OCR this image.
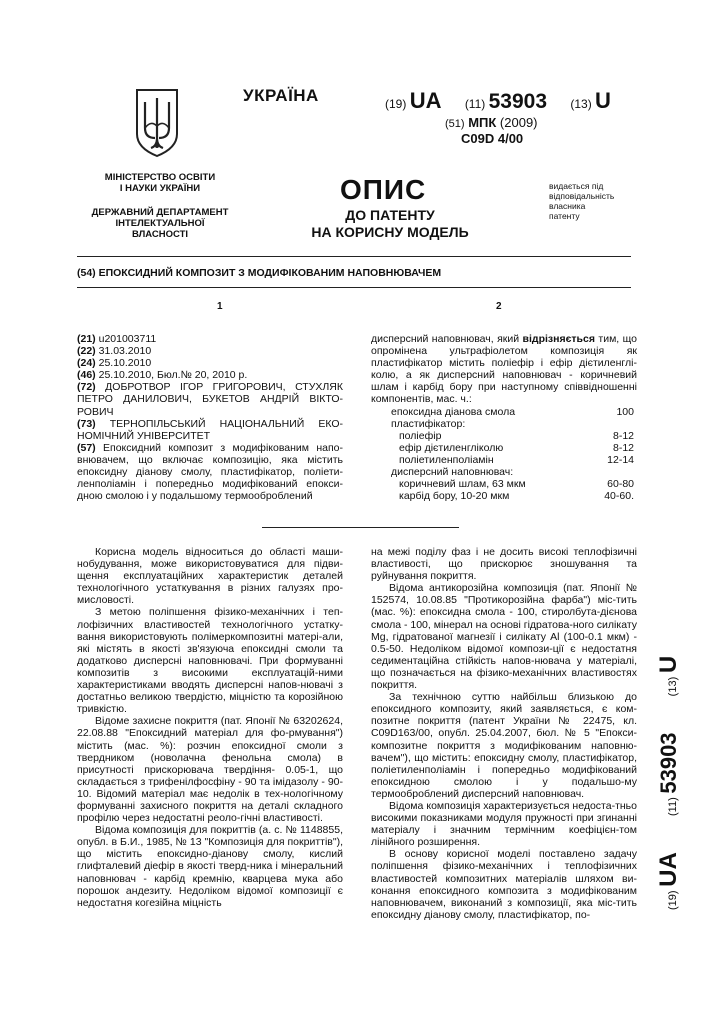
УКРАЇНА	(19) UA (11) 53903 (13) U
(51) МПК (2009)
C09D 4/00
МІНІСТЕРСТВО ОСВІТИ
І НАУКИ УКРАЇНИ
ДЕРЖАВНИЙ ДЕПАРТАМЕНТ
ІНТЕЛЕКТУАЛЬНОЇ
ВЛАСНОСТІ
ОПИС
ДО ПАТЕНТУ
НА КОРИСНУ МОДЕЛЬ
видається під
відповідальність
власника
патенту
(54) ЕПОКСИДНИЙ КОМПОЗИТ З МОДИФІКОВАНИМ НАПОВНЮВАЧЕМ
1	2

(21) u201003711

(22) 31.03.2010

(24) 25.10.2010

(46) 25.10.2010, Бюл.№ 20, 2010 р.

(72) ДОБРОТВОР ІГОР ГРИГОРОВИЧ, СТУХЛЯК ПЕТРО ДАНИЛОВИЧ, БУКЕТОВ АНДРІЙ ВІКТО-РОВИЧ

(73) ТЕРНОПІЛЬСЬКИЙ НАЦІОНАЛЬНИЙ ЕКО-НОМІЧНИЙ УНІВЕРСИТЕТ

(57) Епоксидний композит з модифікованим напо-внювачем, що включає композицію, яка містить епоксидну діанову смолу, пластифікатор, поліети-ленполіамін і попередньо модифікований епокси-дною смолою і у подальшому термооброблений

дисперсний наповнювач, який відрізняється тим, що опромінена ультрафіолетом композиція як пластифікатор містить поліефір і ефір дієтиленглі-колю, а як дисперсний наповнювач - коричневий шлам і карбід бору при наступному співвідношенні компонентів, мас. ч.:

епоксидна діанова смола	100
пластифікатор:	
поліефір	8-12
ефір дієтиленгліколю	8-12
поліетиленполіамін	12-14
дисперсний наповнювач:	
коричневий шлам, 63 мкм	60-80
карбід бору, 10-20 мкм	40-60.

Корисна модель відноситься до області маши-нобудування, може використовуватися для підви-щення експлуатаційних характеристик деталей технологічного устаткування в різних галузях про-мисловості.

З метою поліпшення фізико-механічних і теп-лофізичних властивостей технологічного устатку-вання використовують полімеркомпозитні матері-али, які містять в якості зв'язуюча епоксидні смоли та додатково дисперсні наповнювачі. При формуванні композитів з високими експлуатацій-ними характеристиками вводять дисперсні напов-нювачі з достатньо великою твердістю, міцністю та корозійною тривкістю.

Відоме захисне покриття (пат. Японії № 63202624, 22.08.88 "Епоксидний матеріал для фо-рмування") містить (мас. %): розчин епоксидної смоли з твердником (новолачна фенольна смола) в присутності прискорювача твердіння- 0.05-1, що складається з трифенілфосфіну - 90 та імідазолу - 90-10. Відомий матеріал має недолік в тех-нологічному формуванні захисного покриття на деталі складного профілю через недостатні реоло-гічні властивості.

Відома композиція для покриттів (а. с. № 1148855, опубл. в Б.И., 1985, № 13 "Композиція для покриттів"), що містить епоксидно-діанову смолу, кислий глифталевий діефір в якості тверд-ника і мінеральний наповнювач - карбід кремнію, кварцева мука або порошок андезиту. Недоліком відомої композиції є недостатня когезійна міцність

на межі поділу фаз і не досить високі теплофізичні властивості, що прискорює зношування та руйнування покриття.

Відома антикорозійна композиція (пат. Японії № 152574, 10.08.85 "Протикорозійна фарба") міс-тить (мас. %): епоксидна смола - 100, стиролбута-дієнова смола - 100, мінерал на основі гідратова-ного силікату Mg, гідратованої магнезії і силікату Al (100-0.1 мкм) - 0.5-50. Недоліком відомої компози-ції є недостатня седиментаційна стійкість напов-нювача у матеріалі, що позначається на фізико-механічних властивостях покриття.

За технічною суттю найбільш близькою до епоксидного композиту, який заявляється, є ком-позитне покриття (патент України № 22475, кл. C09D163/00, опубл. 25.04.2007, бюл. № 5 "Епокси-композитне покриття з модифікованим наповню-вачем"), що містить: епоксидну смолу, пластифікатор, поліетиленполіамін і попередньо модифікований епоксидною смолою і у подальшо-му термооброблений дисперсний наповнювач.

Відома композиція характеризується недоста-тньо високими показниками модуля пружності при згинанні матеріалу і значним термічним коефіцієн-том лінійного розширення.

В основу корисної моделі поставлено задачу поліпшення фізико-механічних і теплофізичних властивостей композитних матеріалів шляхом ви-конання епоксидного композита з модифікованим наповнювачем, виконаний з композиції, яка міс-тить епоксидну діанову смолу, пластифікатор, по-

(19) UA          (11) 53903          (13) U
